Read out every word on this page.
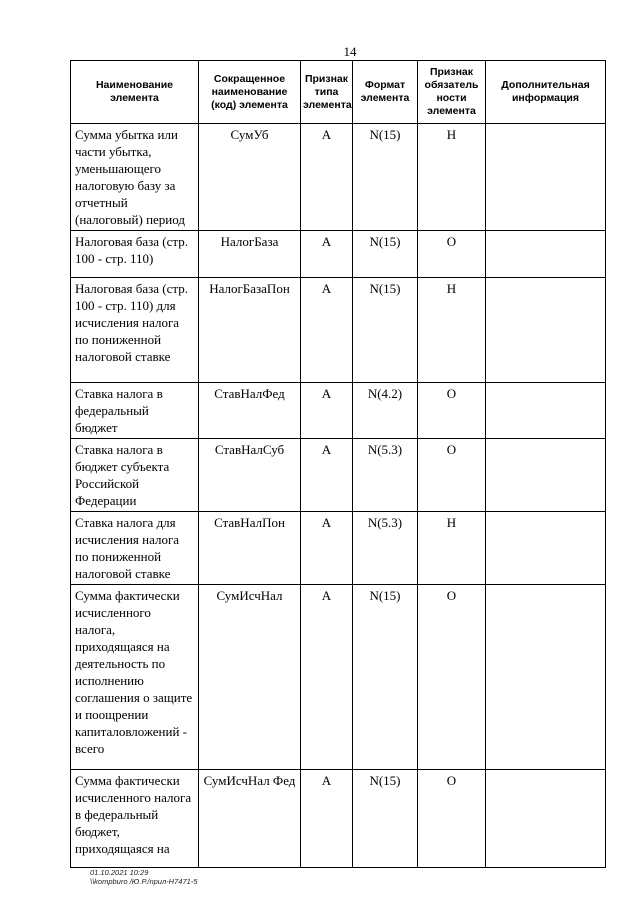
14
Наименование элемента	Сокращенное наименование (код) элемента	Признак типа элемента	Формат элемента	Признак обязатель ности элемента	Дополнительная информация
Сумма убытка или части убытка, уменьшающего налоговую базу за отчетный (налоговый) период	СумУб	А	N(15)	Н	
Налоговая база (стр. 100 - стр. 110)	НалогБаза	А	N(15)	О	
Налоговая база (стр. 100 - стр. 110) для исчисления налога по пониженной налоговой ставке	НалогБазаПон	А	N(15)	Н	
Ставка налога в федеральный бюджет	СтавНалФед	А	N(4.2)	О	
Ставка налога в бюджет субъекта Российской Федерации	СтавНалСуб	А	N(5.3)	О	
Ставка налога для исчисления налога по пониженной налоговой ставке	СтавНалПон	А	N(5.3)	Н	
Сумма фактически исчисленного налога, приходящаяся на деятельность по исполнению соглашения о защите и поощрении капиталовложений - всего	СумИсчНал	А	N(15)	О	
Сумма фактически исчисленного налога в федеральный бюджет, приходящаяся на	СумИсчНал Фед	А	N(15)	О	
01.10.2021 10:29
\\kompburo /Ю.Р./nрил-Н7471-5
